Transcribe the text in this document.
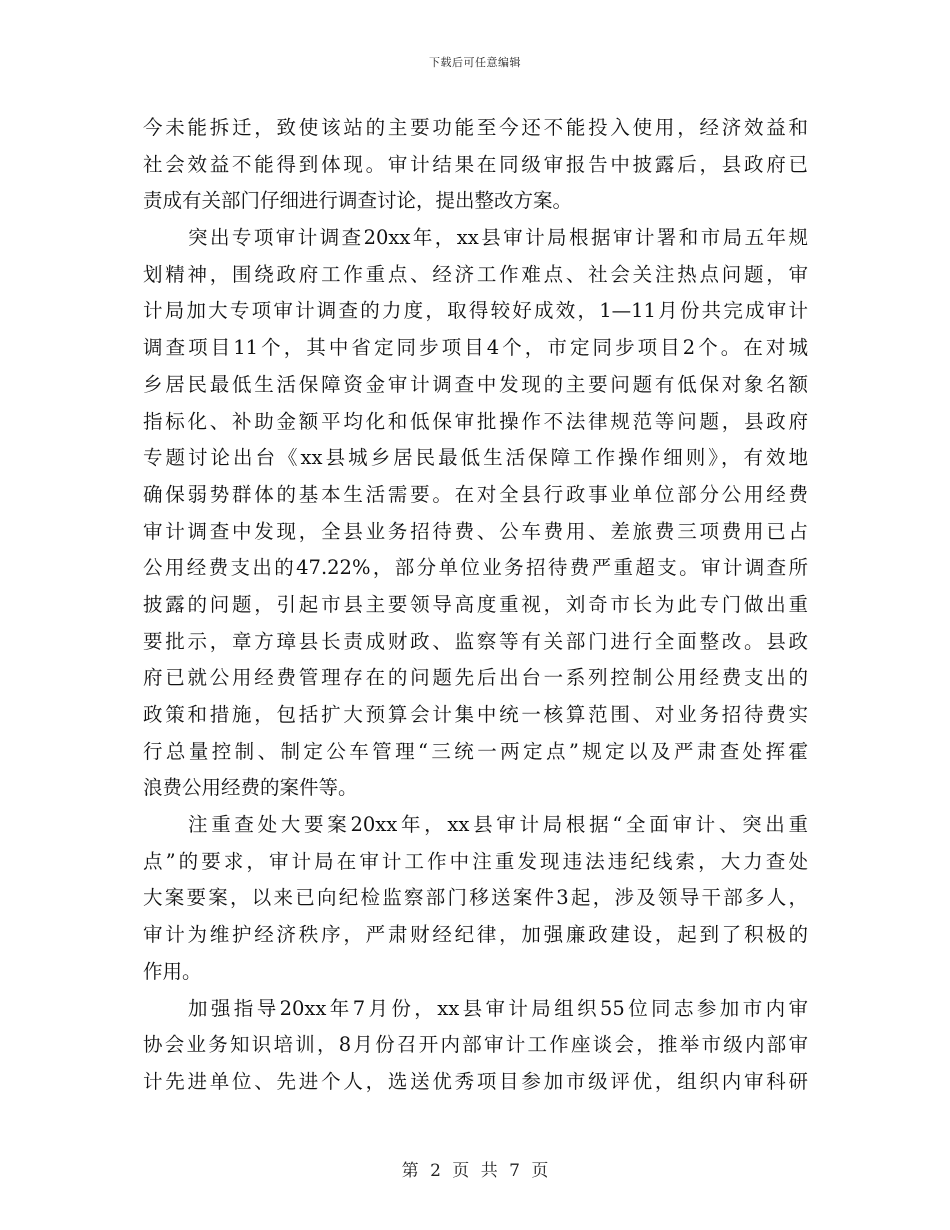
下载后可任意编辑
今未能拆迁，致使该站的主要功能至今还不能投入使用，经济效益和
社会效益不能得到体现。审计结果在同级审报告中披露后，县政府已
责成有关部门仔细进行调查讨论，提出整改方案。
突出专项审计调查20xx年，xx县审计局根据审计署和市局五年规
划精神，围绕政府工作重点、经济工作难点、社会关注热点问题，审
计局加大专项审计调查的力度，取得较好成效，1—11月份共完成审计
调查项目11个，其中省定同步项目4个，市定同步项目2个。在对城
乡居民最低生活保障资金审计调查中发现的主要问题有低保对象名额
指标化、补助金额平均化和低保审批操作不法律规范等问题，县政府
专题讨论出台《xx县城乡居民最低生活保障工作操作细则》，有效地
确保弱势群体的基本生活需要。在对全县行政事业单位部分公用经费
审计调查中发现，全县业务招待费、公车费用、差旅费三项费用已占
公用经费支出的47.22%，部分单位业务招待费严重超支。审计调查所
披露的问题，引起市县主要领导高度重视，刘奇市长为此专门做出重
要批示，章方璋县长责成财政、监察等有关部门进行全面整改。县政
府已就公用经费管理存在的问题先后出台一系列控制公用经费支出的
政策和措施，包括扩大预算会计集中统一核算范围、对业务招待费实
行总量控制、制定公车管理“三统一两定点”规定以及严肃查处挥霍
浪费公用经费的案件等。
注重查处大要案20xx年，xx县审计局根据“全面审计、突出重
点”的要求，审计局在审计工作中注重发现违法违纪线索，大力查处
大案要案，以来已向纪检监察部门移送案件3起，涉及领导干部多人，
审计为维护经济秩序，严肃财经纪律，加强廉政建设，起到了积极的
作用。
加强指导20xx年7月份，xx县审计局组织55位同志参加市内审
协会业务知识培训，8月份召开内部审计工作座谈会，推举市级内部审
计先进单位、先进个人，选送优秀项目参加市级评优，组织内审科研
第 2 页 共 7 页
